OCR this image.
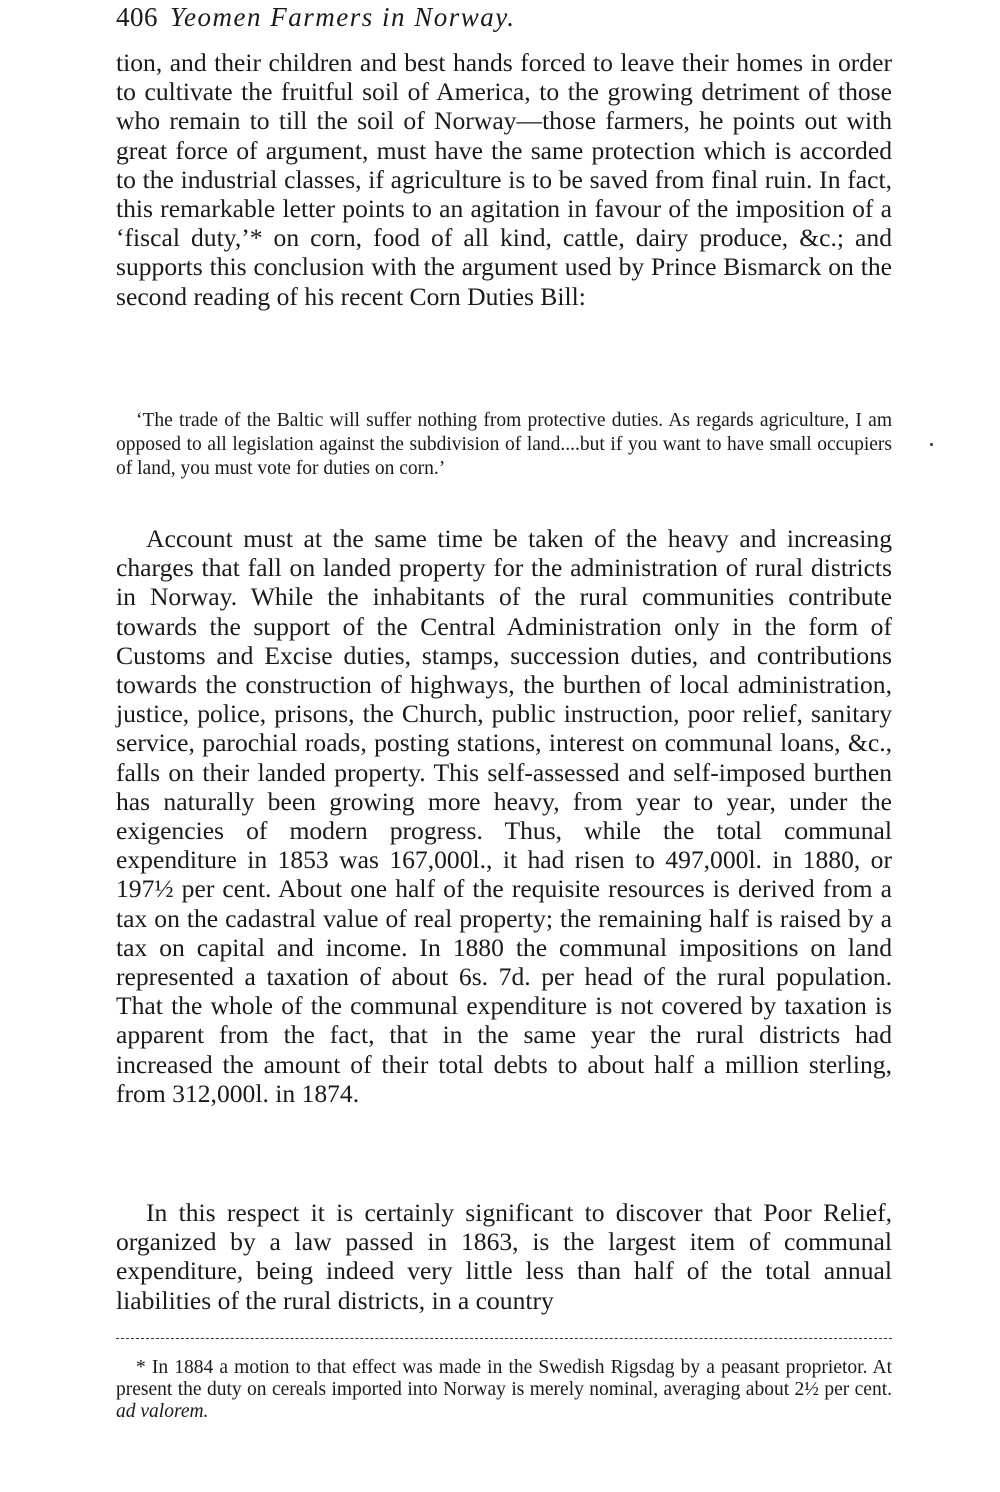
406 Yeomen Farmers in Norway.

tion, and their children and best hands forced to leave their homes in order to cultivate the fruitful soil of America, to the growing detriment of those who remain to till the soil of Norway—those farmers, he points out with great force of argument, must have the same protection which is accorded to the industrial classes, if agriculture is to be saved from final ruin. In fact, this remarkable letter points to an agitation in favour of the imposition of a ‘fiscal duty,’* on corn, food of all kind, cattle, dairy produce, &c.; and supports this conclusion with the argument used by Prince Bismarck on the second reading of his recent Corn Duties Bill:

‘The trade of the Baltic will suffer nothing from protective duties. As regards agriculture, I am opposed to all legislation against the subdivision of land....but if you want to have small occupiers of land, you must vote for duties on corn.’

Account must at the same time be taken of the heavy and increasing charges that fall on landed property for the administration of rural districts in Norway. While the inhabitants of the rural communities contribute towards the support of the Central Administration only in the form of Customs and Excise duties, stamps, succession duties, and contributions towards the construction of highways, the burthen of local administration, justice, police, prisons, the Church, public instruction, poor relief, sanitary service, parochial roads, posting stations, interest on communal loans, &c., falls on their landed property. This self-assessed and self-imposed burthen has naturally been growing more heavy, from year to year, under the exigencies of modern progress. Thus, while the total communal expenditure in 1853 was 167,000l., it had risen to 497,000l. in 1880, or 197½ per cent. About one half of the requisite resources is derived from a tax on the cadastral value of real property; the remaining half is raised by a tax on capital and income. In 1880 the communal impositions on land represented a taxation of about 6s. 7d. per head of the rural population. That the whole of the communal expenditure is not covered by taxation is apparent from the fact, that in the same year the rural districts had increased the amount of their total debts to about half a million sterling, from 312,000l. in 1874.

In this respect it is certainly significant to discover that Poor Relief, organized by a law passed in 1863, is the largest item of communal expenditure, being indeed very little less than half of the total annual liabilities of the rural districts, in a country

* In 1884 a motion to that effect was made in the Swedish Rigsdag by a peasant proprietor. At present the duty on cereals imported into Norway is merely nominal, averaging about 2½ per cent. ad valorem.
